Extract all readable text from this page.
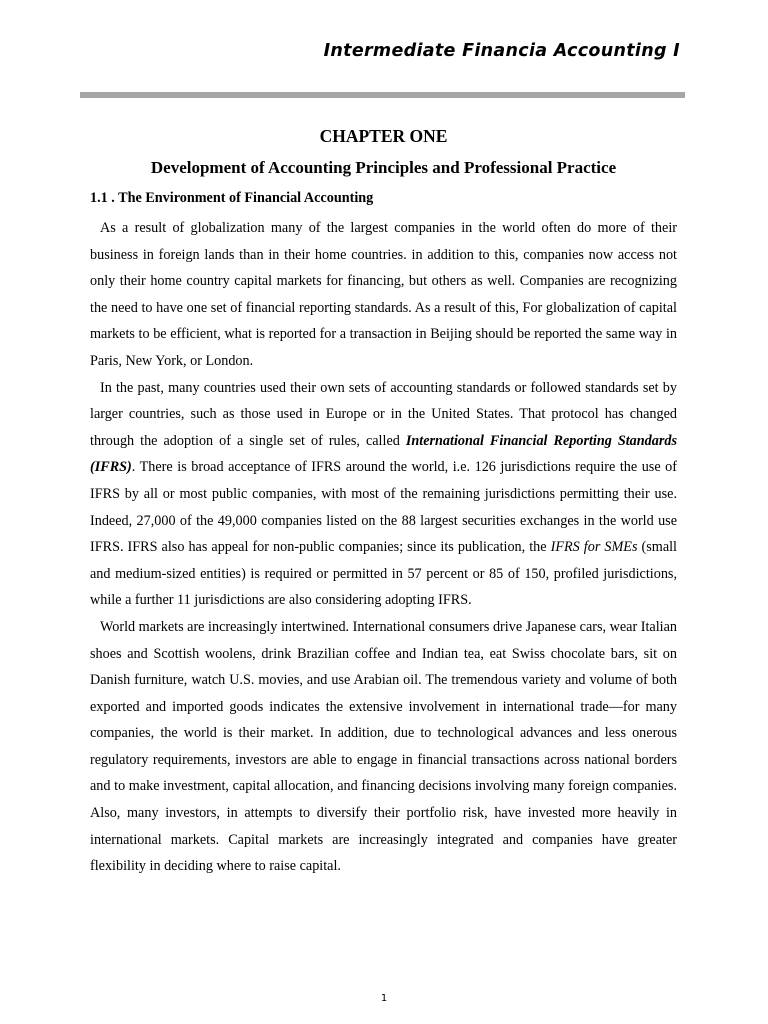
Intermediate Financia Accounting I

CHAPTER ONE

Development of Accounting Principles and Professional Practice

1.1 . The Environment of Financial Accounting

As a result of globalization many of the largest companies in the world often do more of their business in foreign lands than in their home countries. in addition to this, companies now access not only their home country capital markets for financing, but others as well. Companies are recognizing the need to have one set of financial reporting standards. As a result of this, For globalization of capital markets to be efficient, what is reported for a transaction in Beijing should be reported the same way in Paris, New York, or London.

In the past, many countries used their own sets of accounting standards or followed standards set by larger countries, such as those used in Europe or in the United States. That protocol has changed through the adoption of a single set of rules, called International Financial Reporting Standards (IFRS). There is broad acceptance of IFRS around the world, i.e. 126 jurisdictions require the use of IFRS by all or most public companies, with most of the remaining jurisdictions permitting their use. Indeed, 27,000 of the 49,000 companies listed on the 88 largest securities exchanges in the world use IFRS. IFRS also has appeal for non-public companies; since its publication, the IFRS for SMEs (small and medium-sized entities) is required or permitted in 57 percent or 85 of 150, profiled jurisdictions, while a further 11 jurisdictions are also considering adopting IFRS.

World markets are increasingly intertwined. International consumers drive Japanese cars, wear Italian shoes and Scottish woolens, drink Brazilian coffee and Indian tea, eat Swiss chocolate bars, sit on Danish furniture, watch U.S. movies, and use Arabian oil. The tremendous variety and volume of both exported and imported goods indicates the extensive involvement in international trade—for many companies, the world is their market. In addition, due to technological advances and less onerous regulatory requirements, investors are able to engage in financial transactions across national borders and to make investment, capital allocation, and financing decisions involving many foreign companies. Also, many investors, in attempts to diversify their portfolio risk, have invested more heavily in international markets. Capital markets are increasingly integrated and companies have greater flexibility in deciding where to raise capital.

1
